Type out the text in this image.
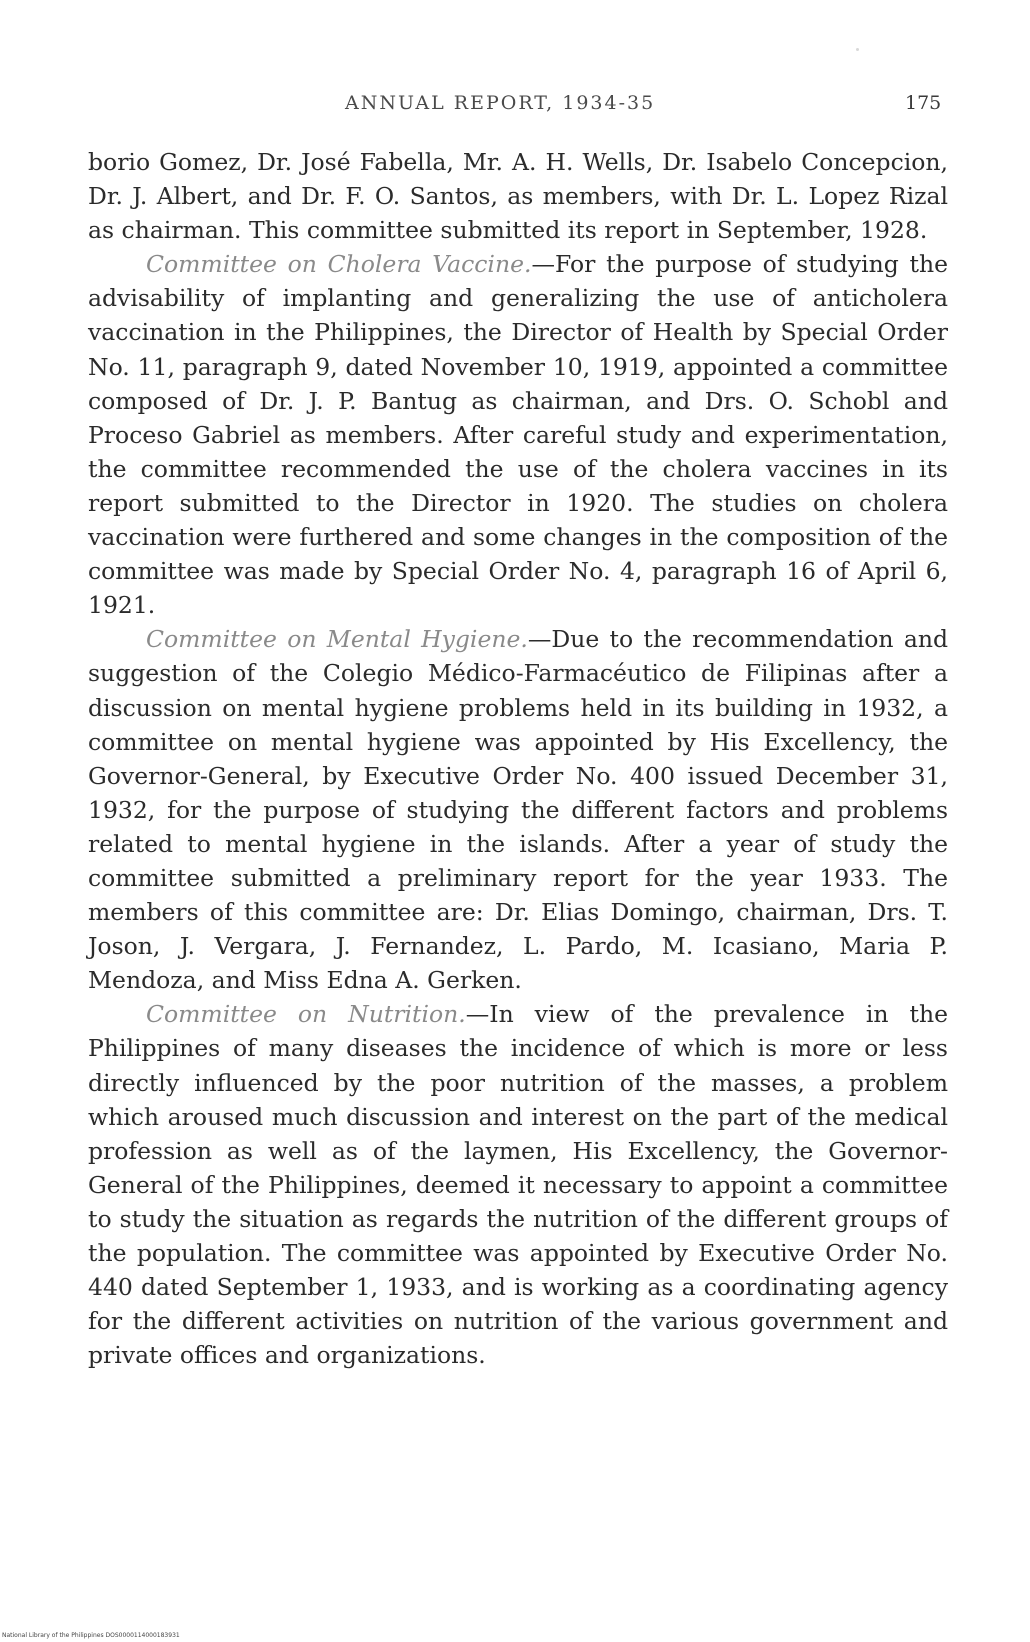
ANNUAL REPORT, 1934-35	175

borio Gomez, Dr. José Fabella, Mr. A. H. Wells, Dr. Isabelo Concepcion, Dr. J. Albert, and Dr. F. O. Santos, as members, with Dr. L. Lopez Rizal as chairman. This committee submitted its report in September, 1928.

Committee on Cholera Vaccine.—For the purpose of studying the advisability of implanting and generalizing the use of anticholera vaccination in the Philippines, the Director of Health by Special Order No. 11, paragraph 9, dated November 10, 1919, appointed a committee composed of Dr. J. P. Bantug as chairman, and Drs. O. Schobl and Proceso Gabriel as members. After careful study and experimentation, the committee recommended the use of the cholera vaccines in its report submitted to the Director in 1920. The studies on cholera vaccination were furthered and some changes in the composition of the committee was made by Special Order No. 4, paragraph 16 of April 6, 1921.

Committee on Mental Hygiene.—Due to the recommendation and suggestion of the Colegio Médico-Farmacéutico de Filipinas after a discussion on mental hygiene problems held in its building in 1932, a committee on mental hygiene was appointed by His Excellency, the Governor-General, by Executive Order No. 400 issued December 31, 1932, for the purpose of studying the different factors and problems related to mental hygiene in the islands. After a year of study the committee submitted a preliminary report for the year 1933. The members of this committee are: Dr. Elias Domingo, chairman, Drs. T. Joson, J. Vergara, J. Fernandez, L. Pardo, M. Icasiano, Maria P. Mendoza, and Miss Edna A. Gerken.

Committee on Nutrition.—In view of the prevalence in the Philippines of many diseases the incidence of which is more or less directly influenced by the poor nutrition of the masses, a problem which aroused much discussion and interest on the part of the medical profession as well as of the laymen, His Excellency, the Governor-General of the Philippines, deemed it necessary to appoint a committee to study the situation as regards the nutrition of the different groups of the population. The committee was appointed by Executive Order No. 440 dated September 1, 1933, and is working as a coordinating agency for the different activities on nutrition of the various government and private offices and organizations.

National Library of the Philippines DOS0000114000183931
